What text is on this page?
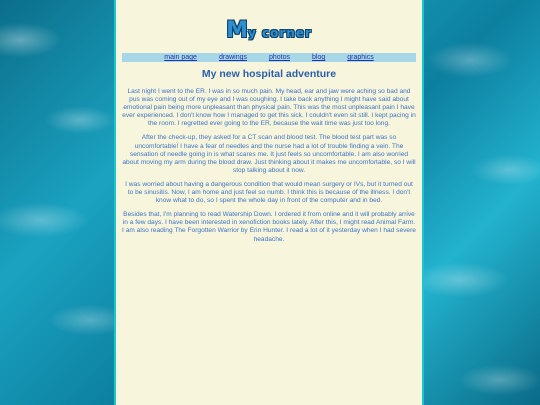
My corner
main page	drawings	photos	blog	graphics
My new hospital adventure

Last night I went to the ER. I was in so much pain. My head, ear and jaw were aching so bad and pus was coming out of my eye and I was coughing. I take back anything I might have said about emotional pain being more unpleasant than physical pain. This was the most unpleasant pain I have ever experienced. I don't know how I managed to get this sick. I couldn't even sit still. I kept pacing in the room. I regretted ever going to the ER, because the wait time was just too long.

After the check-up, they asked for a CT scan and blood test. The blood test part was so uncomfortable! I have a fear of needles and the nurse had a lot of trouble finding a vein. The sensation of needle going in is what scares me. It just feels so uncomfortable. I am also worried about moving my arm during the blood draw. Just thinking about it makes me uncomfortable, so I will stop talking about it now.

I was worried about having a dangerous condition that would mean surgery or IVs, but it turned out to be sinusitis. Now, I am home and just feel so numb. I think this is because of the illness. I don't know what to do, so I spent the whole day in front of the computer and in bed.

Besides that, I'm planning to read Watership Down. I ordered it from online and it will probably arrive in a few days. I have been interested in xenofiction books lately. After this, I might read Animal Farm. I am also reading The Forgotten Warrior by Erin Hunter. I read a lot of it yesterday when I had severe headache.
